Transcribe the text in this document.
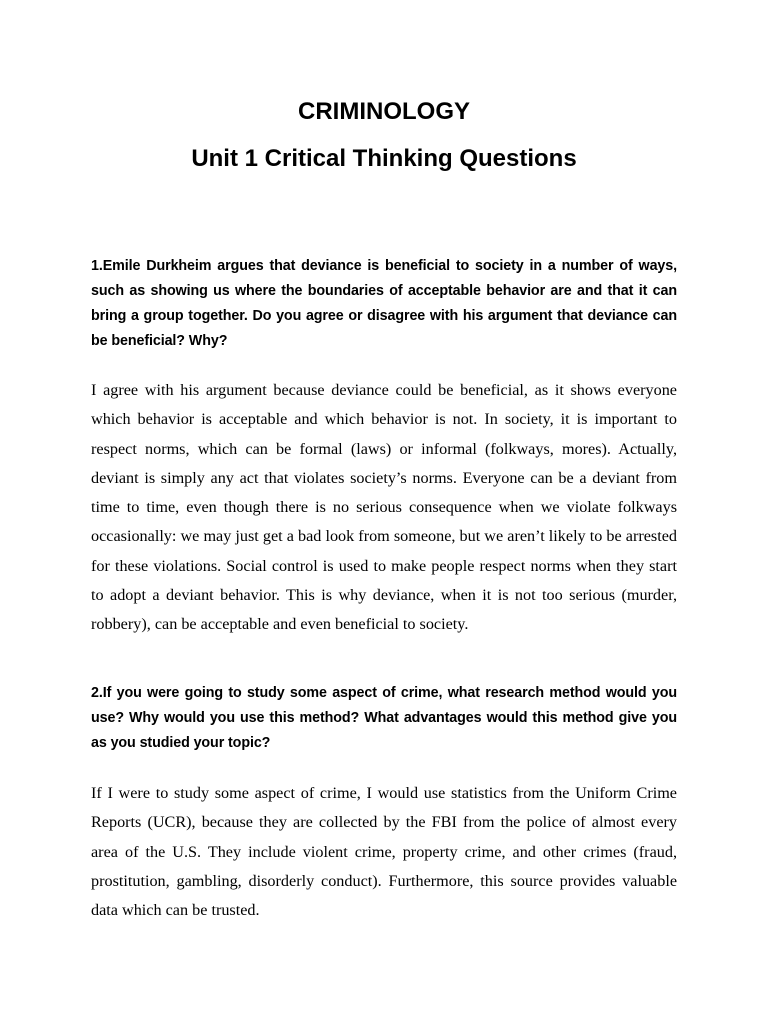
CRIMINOLOGY
Unit 1 Critical Thinking Questions

1.Emile Durkheim argues that deviance is beneficial to society in a number of ways, such as showing us where the boundaries of acceptable behavior are and that it can bring a group together. Do you agree or disagree with his argument that deviance can be beneficial? Why?

I agree with his argument because deviance could be beneficial, as it shows everyone which behavior is acceptable and which behavior is not. In society, it is important to respect norms, which can be formal (laws) or informal (folkways, mores). Actually, deviant is simply any act that violates society’s norms. Everyone can be a deviant from time to time, even though there is no serious consequence when we violate folkways occasionally: we may just get a bad look from someone, but we aren’t likely to be arrested for these violations. Social control is used to make people respect norms when they start to adopt a deviant behavior. This is why deviance, when it is not too serious (murder, robbery), can be acceptable and even beneficial to society.

2.If you were going to study some aspect of crime, what research method would you use? Why would you use this method? What advantages would this method give you as you studied your topic?

If I were to study some aspect of crime, I would use statistics from the Uniform Crime Reports (UCR), because they are collected by the FBI from the police of almost every area of the U.S. They include violent crime, property crime, and other crimes (fraud, prostitution, gambling, disorderly conduct). Furthermore, this source provides valuable data which can be trusted.
